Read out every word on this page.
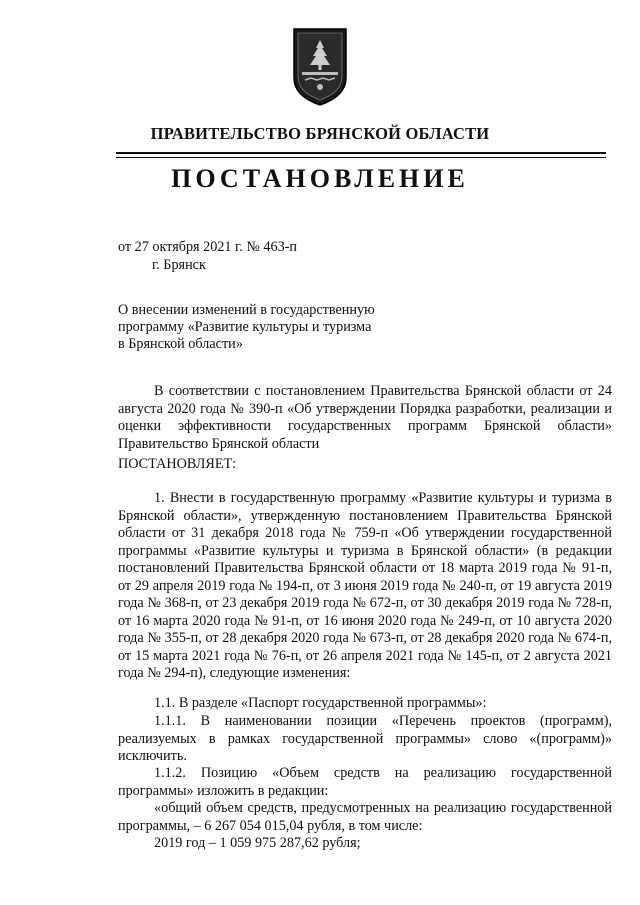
ПРАВИТЕЛЬСТВО БРЯНСКОЙ ОБЛАСТИ
ПОСТАНОВЛЕНИЕ
от 27 октября 2021 г. № 463-п
г. Брянск
О внесении изменений в государственную
программу «Развитие культуры и туризма
в Брянской области»
В соответствии с постановлением Правительства Брянской области от 24 августа 2020 года № 390-п «Об утверждении Порядка разработки, реализации и оценки эффективности государственных программ Брянской области» Правительство Брянской области
ПОСТАНОВЛЯЕТ:
1. Внести в государственную программу «Развитие культуры и туризма в Брянской области», утвержденную постановлением Правительства Брянской области от 31 декабря 2018 года № 759-п «Об утверждении государственной программы «Развитие культуры и туризма в Брянской области» (в редакции постановлений Правительства Брянской области от 18 марта 2019 года № 91-п, от 29 апреля 2019 года № 194-п, от 3 июня 2019 года № 240-п, от 19 августа 2019 года № 368-п, от 23 декабря 2019 года № 672-п, от 30 декабря 2019 года № 728-п, от 16 марта 2020 года № 91-п, от 16 июня 2020 года № 249-п, от 10 августа 2020 года № 355-п, от 28 декабря 2020 года № 673-п, от 28 декабря 2020 года № 674-п, от 15 марта 2021 года № 76-п, от 26 апреля 2021 года № 145-п, от 2 августа 2021 года № 294-п), следующие изменения:
1.1. В разделе «Паспорт государственной программы»:
1.1.1. В наименовании позиции «Перечень проектов (программ), реализуемых в рамках государственной программы» слово «(программ)» исключить.
1.1.2. Позицию «Объем средств на реализацию государственной программы» изложить в редакции:
«общий объем средств, предусмотренных на реализацию государственной программы, – 6 267 054 015,04 рубля, в том числе:
2019 год – 1 059 975 287,62 рубля;
